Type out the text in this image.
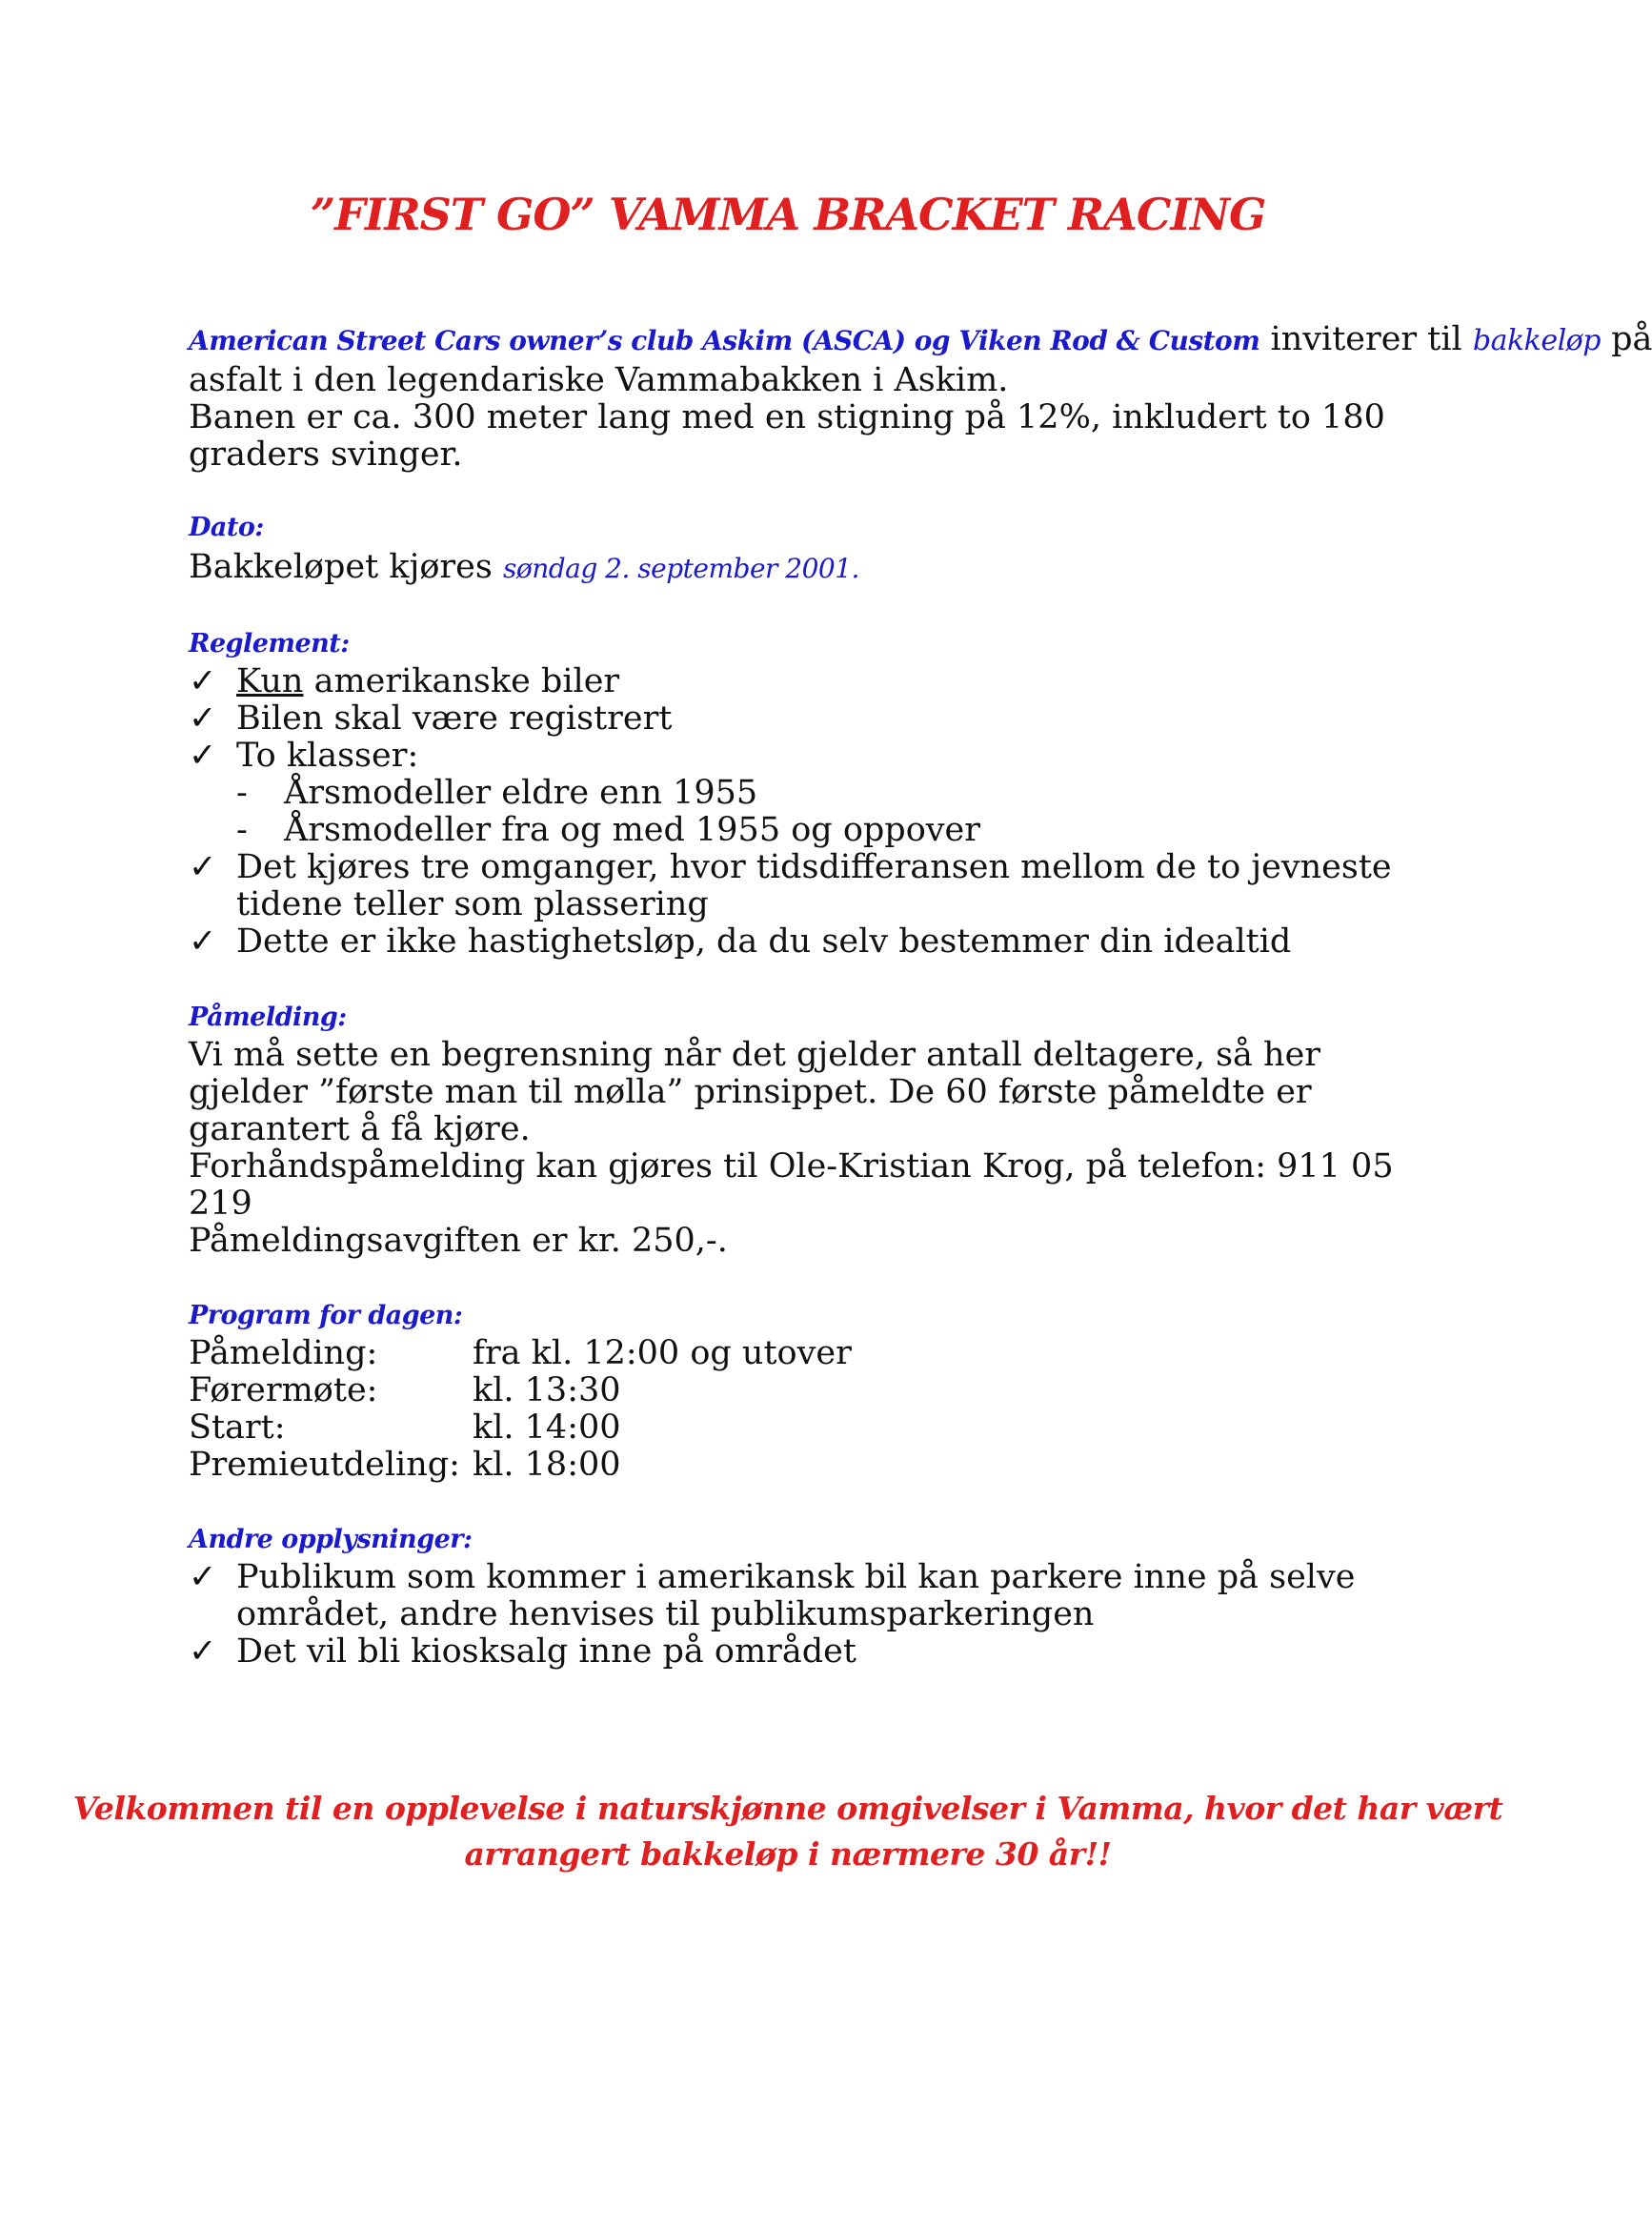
”FIRST GO” VAMMA BRACKET RACING
American Street Cars owner’s club Askim (ASCA) og Viken Rod & Custom inviterer til bakkeløp på
asfalt i den legendariske Vammabakken i Askim.
Banen er ca. 300 meter lang med en stigning på 12%, inkludert to 180
graders svinger.
Dato:
Bakkeløpet kjøres søndag 2. september 2001.
Reglement:
✓ Kun amerikanske biler
✓ Bilen skal være registrert
✓ To klasser:
- Årsmodeller eldre enn 1955
- Årsmodeller fra og med 1955 og oppover
✓ Det kjøres tre omganger, hvor tidsdifferansen mellom de to jevneste
tidene teller som plassering
✓ Dette er ikke hastighetsløp, da du selv bestemmer din idealtid
Påmelding:
Vi må sette en begrensning når det gjelder antall deltagere, så her
gjelder ”første man til mølla” prinsippet. De 60 første påmeldte er
garantert å få kjøre.
Forhåndspåmelding kan gjøres til Ole-Kristian Krog, på telefon: 911 05
219
Påmeldingsavgiften er kr. 250,-.
Program for dagen:
Påmelding:	fra kl. 12:00 og utover
Førermøte:	kl. 13:30
Start:	kl. 14:00
Premieutdeling: kl. 18:00
Andre opplysninger:
✓ Publikum som kommer i amerikansk bil kan parkere inne på selve
området, andre henvises til publikumsparkeringen
✓ Det vil bli kiosksalg inne på området
Velkommen til en opplevelse i naturskjønne omgivelser i Vamma, hvor det har vært
arrangert bakkeløp i nærmere 30 år!!
